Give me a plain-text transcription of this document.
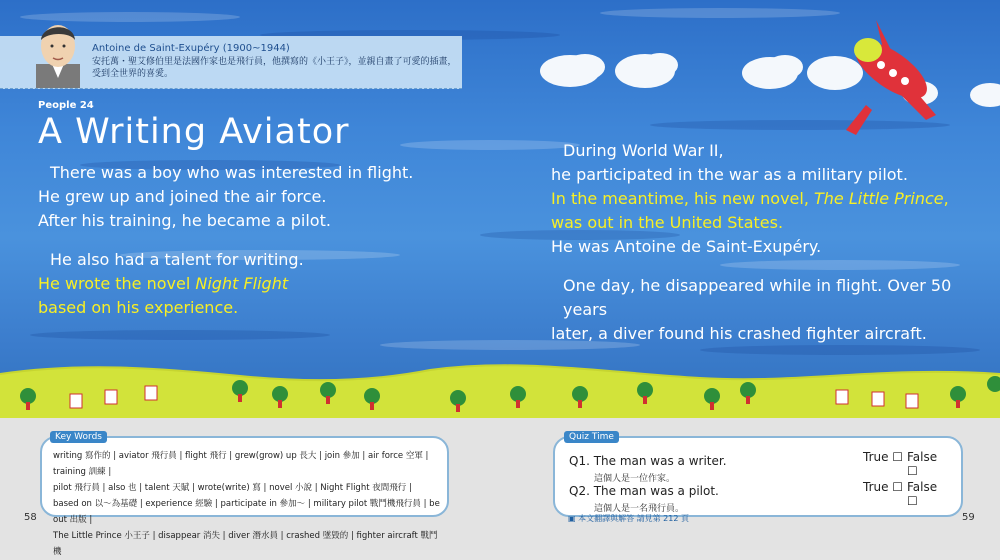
Antoine de Saint-Exupéry (1900~1944)
安托萬・聖艾修伯里是法國作家也是飛行員，他撰寫的《小王子》，並親自畫了可愛的插畫，受到全世界的喜愛。
People 24
A Writing Aviator
There was a boy who was interested in flight.
He grew up and joined the air force.
After his training, he became a pilot.
He also had a talent for writing.
He wrote the novel Night Flight
based on his experience.
During World War II,
he participated in the war as a military pilot.
In the meantime, his new novel, The Little Prince,
was out in the United States.
He was Antoine de Saint-Exupéry.
One day, he disappeared while in flight. Over 50 years
later, a diver found his crashed fighter aircraft.
writing 寫作的 | aviator 飛行員 | flight 飛行 | grew(grow) up 長大 | join 參加 | air force 空軍 | training 訓練 |
pilot 飛行員 | also 也 | talent 天賦 | wrote(write) 寫 | novel 小說 | Night Flight 夜間飛行 |
based on 以～為基礎 | experience 經驗 | participate in 參加～ | military pilot 戰鬥機飛行員 | be out 出版 |
The Little Prince 小王子 | disappear 消失 | diver 潛水員 | crashed 墜毀的 | fighter aircraft 戰鬥機
Key Words
Q1. The man was a writer.	True ☐ False ☐
這個人是一位作家。
Q2. The man was a pilot.	True ☐ False ☐
這個人是一名飛行員。
Quiz Time
▣ 本文翻譯與解答 請見第 212 頁
58	59
